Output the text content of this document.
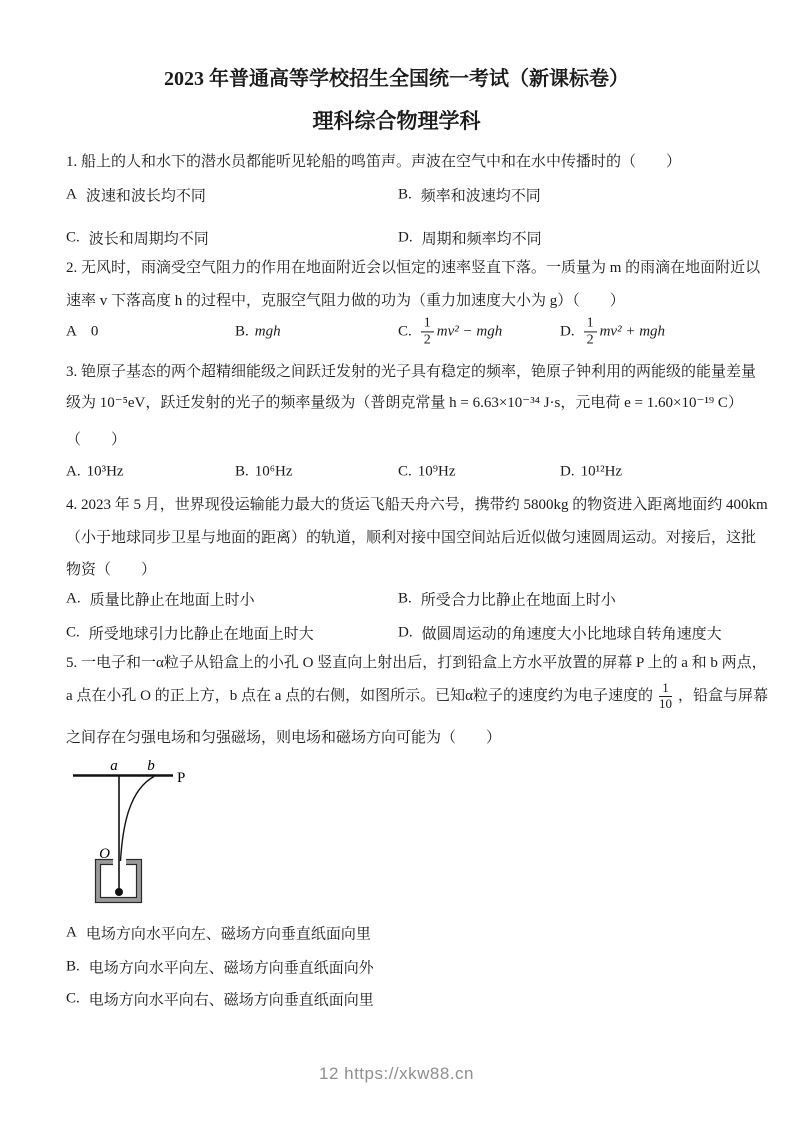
2023 年普通高等学校招生全国统一考试（新课标卷）
理科综合物理学科
1. 船上的人和水下的潜水员都能听见轮船的鸣笛声。声波在空气中和在水中传播时的（　　）
A 波速和波长均不同	B. 频率和波速均不同
C. 波长和周期均不同	D. 周期和频率均不同
2. 无风时，雨滴受空气阻力的作用在地面附近会以恒定的速率竖直下落。一质量为 m 的雨滴在地面附近以
速率 v 下落高度 h 的过程中，克服空气阻力做的功为（重力加速度大小为 g）（　　）
A 0	B. mgh	C. $\frac{1}{2} mv^2$ − mgh	D. $\frac{1}{2} mv^2$ + mgh
3. 铯原子基态的两个超精细能级之间跃迁发射的光子具有稳定的频率，铯原子钟利用的两能级的能量差量
级为 10⁻⁵eV，跃迁发射的光子的频率量级为（普朗克常量 h = 6.63×10⁻³⁴ J·s，元电荷 e = 1.60×10⁻¹⁹ C）
（　　）
A. 10³Hz	B. 10⁶Hz	C. 10⁹Hz	D. 10¹²Hz
4. 2023 年 5 月，世界现役运输能力最大的货运飞船天舟六号，携带约 5800kg 的物资进入距离地面约 400km
（小于地球同步卫星与地面的距离）的轨道，顺利对接中国空间站后近似做匀速圆周运动。对接后，这批
物资（　　）
A. 质量比静止在地面上时小	B. 所受合力比静止在地面上时小
C. 所受地球引力比静止在地面上时大	D. 做圆周运动的角速度大小比地球自转角速度大
5. 一电子和一α粒子从铅盒上的小孔 O 竖直向上射出后，打到铅盒上方水平放置的屏幕 P 上的 a 和 b 两点，
a 点在小孔 O 的正上方，b 点在 a 点的右侧，如图所示。已知α粒子的速度约为电子速度的 $\frac{1}{10}$ ，铅盒与屏幕
之间存在匀强电场和匀强磁场，则电场和磁场方向可能为（　　）
P
a b
O
A 电场方向水平向左、磁场方向垂直纸面向里
B. 电场方向水平向左、磁场方向垂直纸面向外
C. 电场方向水平向右、磁场方向垂直纸面向里
12 https://xkw88.cn
